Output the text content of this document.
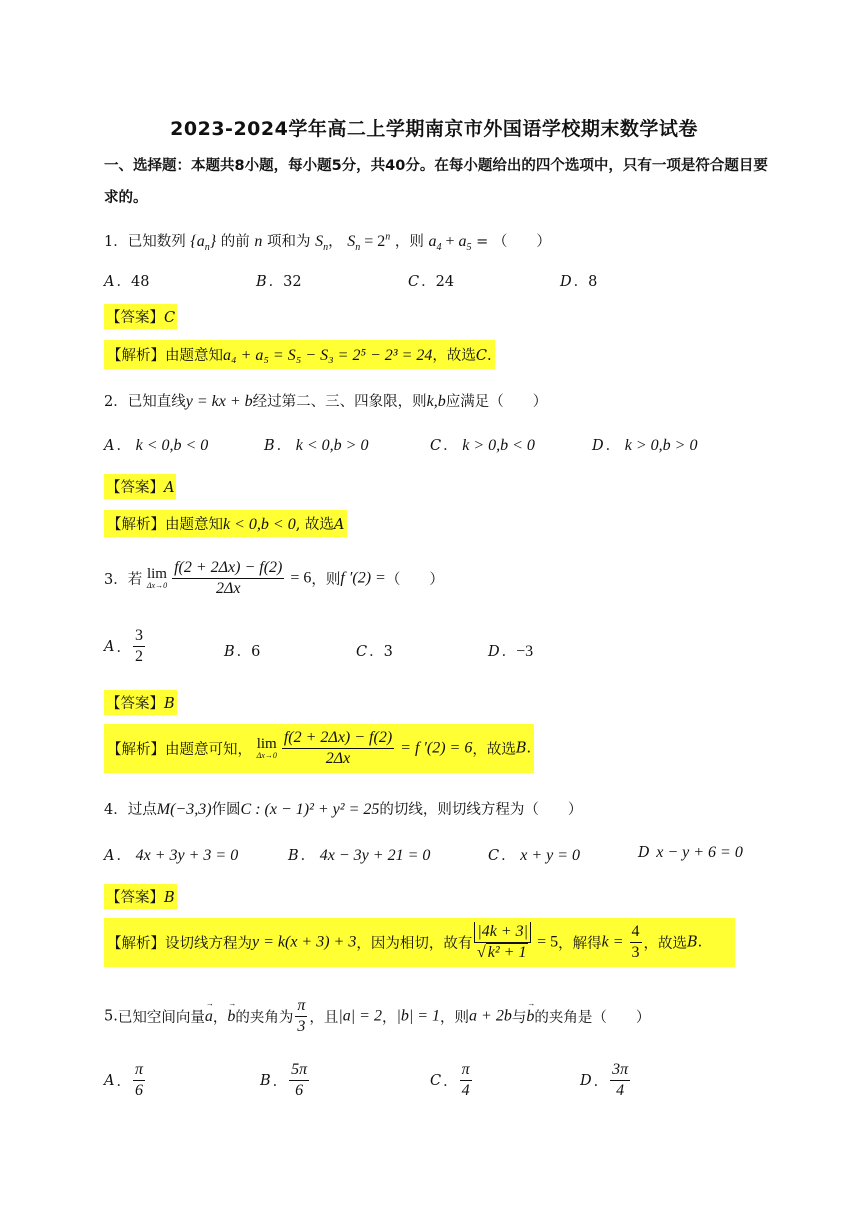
2023-2024学年高二上学期南京市外国语学校期末数学试卷
一、选择题：本题共8小题，每小题5分，共40分。在每小题给出的四个选项中，只有一项是符合题目要求的。
1．已知数列 $\{a_n\}$ 的前 n 项和为 $S_n$， $S_n = 2^n$ ，则 $a_4 + a_5$ = （　　）
A ．48	B ．32	C ．24	D ．8
【答案】C
【解析】由题意知a₄ + a₅ = S₅ − S₃ = 2⁵ − 2³ = 24，故选C.
2．已知直线y = kx + b经过第二、三、四象限，则k,b应满足（　　）
A ． k < 0,b < 0	B ． k < 0,b > 0	C ． k > 0,b < 0	D ． k > 0,b > 0
【答案】A
【解析】由题意知k < 0,b < 0, 故选A
3．若 lim
$\Delta x\to 0 \frac{f(2 + 2\Delta x) - f(2)}{2\Delta x} = 6$，则f ′(2) =（　　）
A ． $\frac{3}{2}$	B ．6	C ．3	D ．−3
【答案】B
【解析】由题意可知， lim
$\Delta x\to 0 \frac{f(2 + 2\Delta x) - f(2)}{2\Delta x} = f$ ′(2) = 6，故选B.
4．过点M(−3,3)作圆C : (x − 1)² + y² = 25的切线，则切线方程为（　　）
A ． 4x + 3y + 3 = 0	B ． 4x − 3y + 21 = 0	C ． x + y = 0	D x − y + 6 = 0
【答案】B
【解析】设切线方程为y = k(x + 3) + 3，因为相切，故有 $\frac{|4k + 3|}{\text{√ k² + 1}} = 5$，解得$k = \frac{4}{3}$ ，故选B.
5.已知空间向量→ a，→ b的夹角为 $\frac{\pi}{3}$ ，且|a| = 2，|b| = 1，则a + 2b与→ b的夹角是（　　）
A ． $\frac{\pi}{6}$	B ． $\frac{5\pi}{6}$	C ． $\frac{\pi}{4}$	D ． $\frac{3\pi}{4}$
